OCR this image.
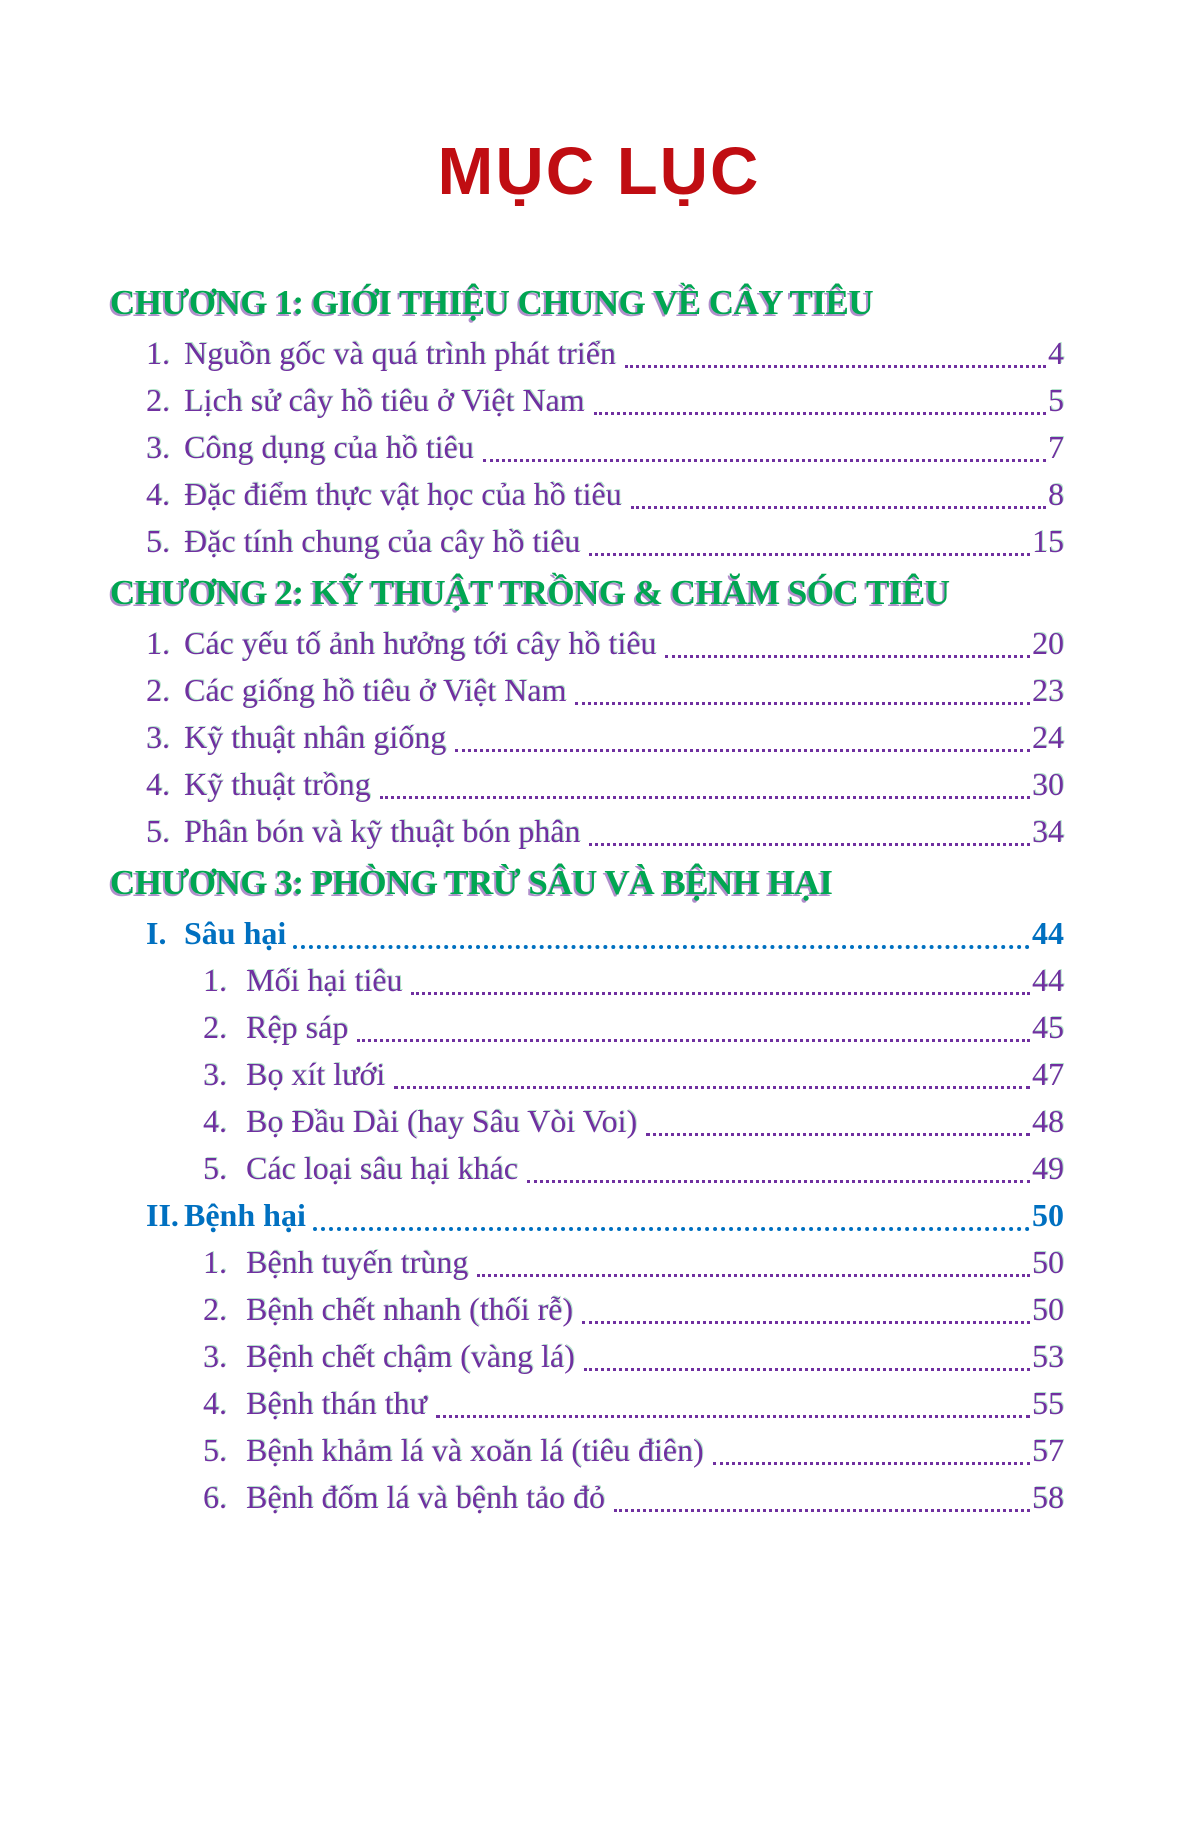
MỤC LỤC
CHƯƠNG 1: GIỚI THIỆU CHUNG VỀ CÂY TIÊU
1. Nguồn gốc và quá trình phát triển	4
2. Lịch sử cây hồ tiêu ở Việt Nam	5
3. Công dụng của hồ tiêu	7
4. Đặc điểm thực vật học của hồ tiêu	8
5. Đặc tính chung của cây hồ tiêu	15
CHƯƠNG 2: KỸ THUẬT TRỒNG & CHĂM SÓC TIÊU
1. Các yếu tố ảnh hưởng tới cây hồ tiêu	20
2. Các giống hồ tiêu ở Việt Nam	23
3. Kỹ thuật nhân giống	24
4. Kỹ thuật trồng	30
5. Phân bón và kỹ thuật bón phân	34
CHƯƠNG 3: PHÒNG TRỪ SÂU VÀ BỆNH HẠI
I. Sâu hại	44
1. Mối hại tiêu	44
2. Rệp sáp	45
3. Bọ xít lưới	47
4. Bọ Đầu Dài (hay Sâu Vòi Voi)	48
5. Các loại sâu hại khác	49
II. Bệnh hại	50
1. Bệnh tuyến trùng	50
2. Bệnh chết nhanh (thối rễ)	50
3. Bệnh chết chậm (vàng lá)	53
4. Bệnh thán thư	55
5. Bệnh khảm lá và xoăn lá (tiêu điên)	57
6. Bệnh đốm lá và bệnh tảo đỏ	58
